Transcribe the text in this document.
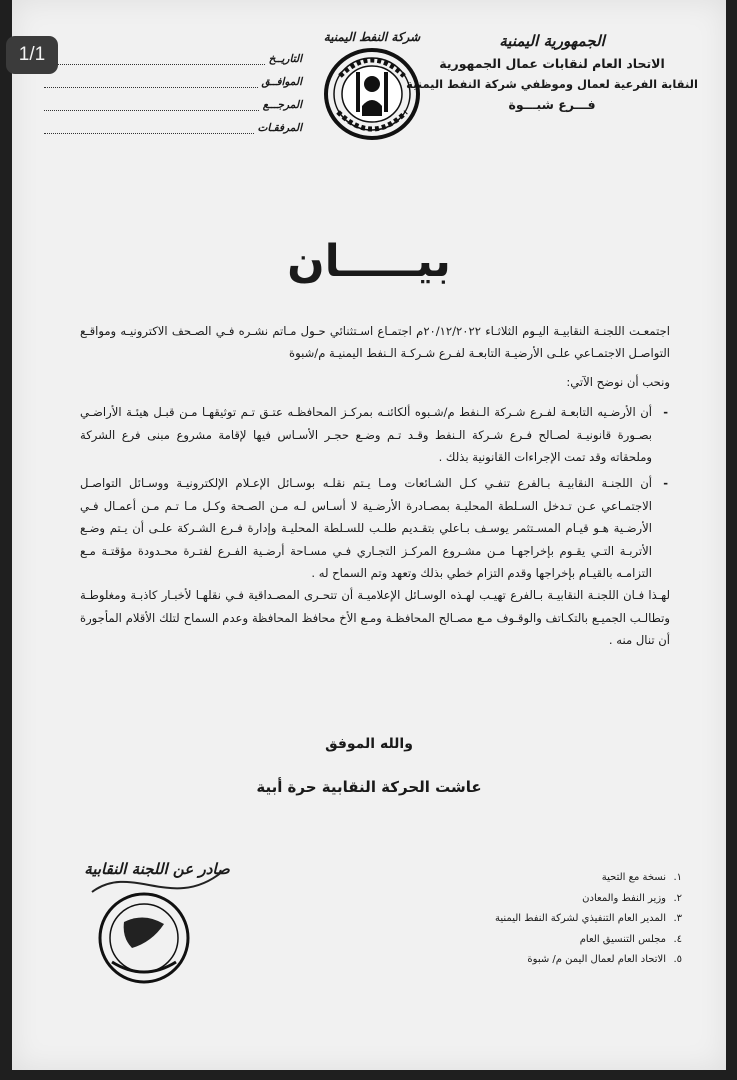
الجمهورية اليمنية
الاتحاد العام لنقابات عمال الجمهورية
النقابة الفرعية لعمال وموظفي شركة النفط اليمنية
فـــرع شبـــوة
شركة النفط اليمنية
التاريــخ
الموافــق
المرجـــع
المرفقـات
بيـــــان

اجتمعـت اللجنـة النقابيـة اليـوم الثلاثـاء ٢٠/١٢/٢٠٢٢م اجتمـاع اسـتثنائي حـول مـاتم نشـره فـي الصـحف الاكترونيـه ومواقـع التواصـل الاجتمـاعي علـى الأرضيـة التابعـة لفـرع شـركـة الـنفط اليمنيـة م/شبوة

ونحب أن نوضح الآتي:

- أن الأرضـيه التابعـة لفـرع شـركة الـنفط م/شـبوه ألكائنـه بمركـز المحافظـه عتـق تـم توثيقهـا مـن قبـل هيئـة الأراضـي بصـورة قانونيـة لصـالح فـرع شـركة الـنفط وقـد تـم وضـع حجـر الأسـاس فيها لإقامة مشروع مبنى فرع الشركة وملحقاته وقد تمت الإجراءات القانونية بذلك .

- أن اللجنـة النقابيـة بـالفرع تنفـي كـل الشـائعات ومـا يـتم نقلـه بوسـائل الإعـلام الإلكترونيـة ووسـائل التواصـل الاجتمـاعي عـن تـدخل السـلطة المحليـة بمصـادرة الأرضـية لا أسـاس لـه مـن الصـحة وكـل مـا تـم مـن أعمـال فـي الأرضـية هـو قيـام المسـتثمر يوسـف بـاعلي بتقـديم طلـب للسـلطة المحليـة وإدارة فـرع الشـركة علـى أن يـتم وضـع الأتربـة التـي يقـوم بإخراجهـا مـن مشـروع المركـز التجـاري فـي مسـاحة أرضـية الفـرع لفتـرة محـدودة مؤقتـة مـع التزامـه بالقيـام بإخراجها وقدم التزام خطي بذلك وتعهد وتم السماح له .

لهـذا فـان اللجنـة النقابيـة بـالفرع تهيـب لهـذه الوسـائل الإعلاميـة أن تتحـرى المصـداقية فـي نقلهـا لأخبـار كاذبـة ومغلوطـة وتطالـب الجميـع بالتكـاتف والوقـوف مـع مصـالح المحافظـة ومـع الأخ محافظ المحافظة وعدم السماح لتلك الأقلام المأجورة أن تنال منه .

والله الموفق
عاشت الحركة النقابية حرة أبية
صادر عن اللجنة النقابية	١.
نسخة مع التحية
٢.
وزير النفط والمعادن
٣.
المدير العام التنفيذي لشركة النفط اليمنية
٤.
مجلس التنسيق العام
٥.
الاتحاد العام لعمال اليمن م/ شبوة
1/1
